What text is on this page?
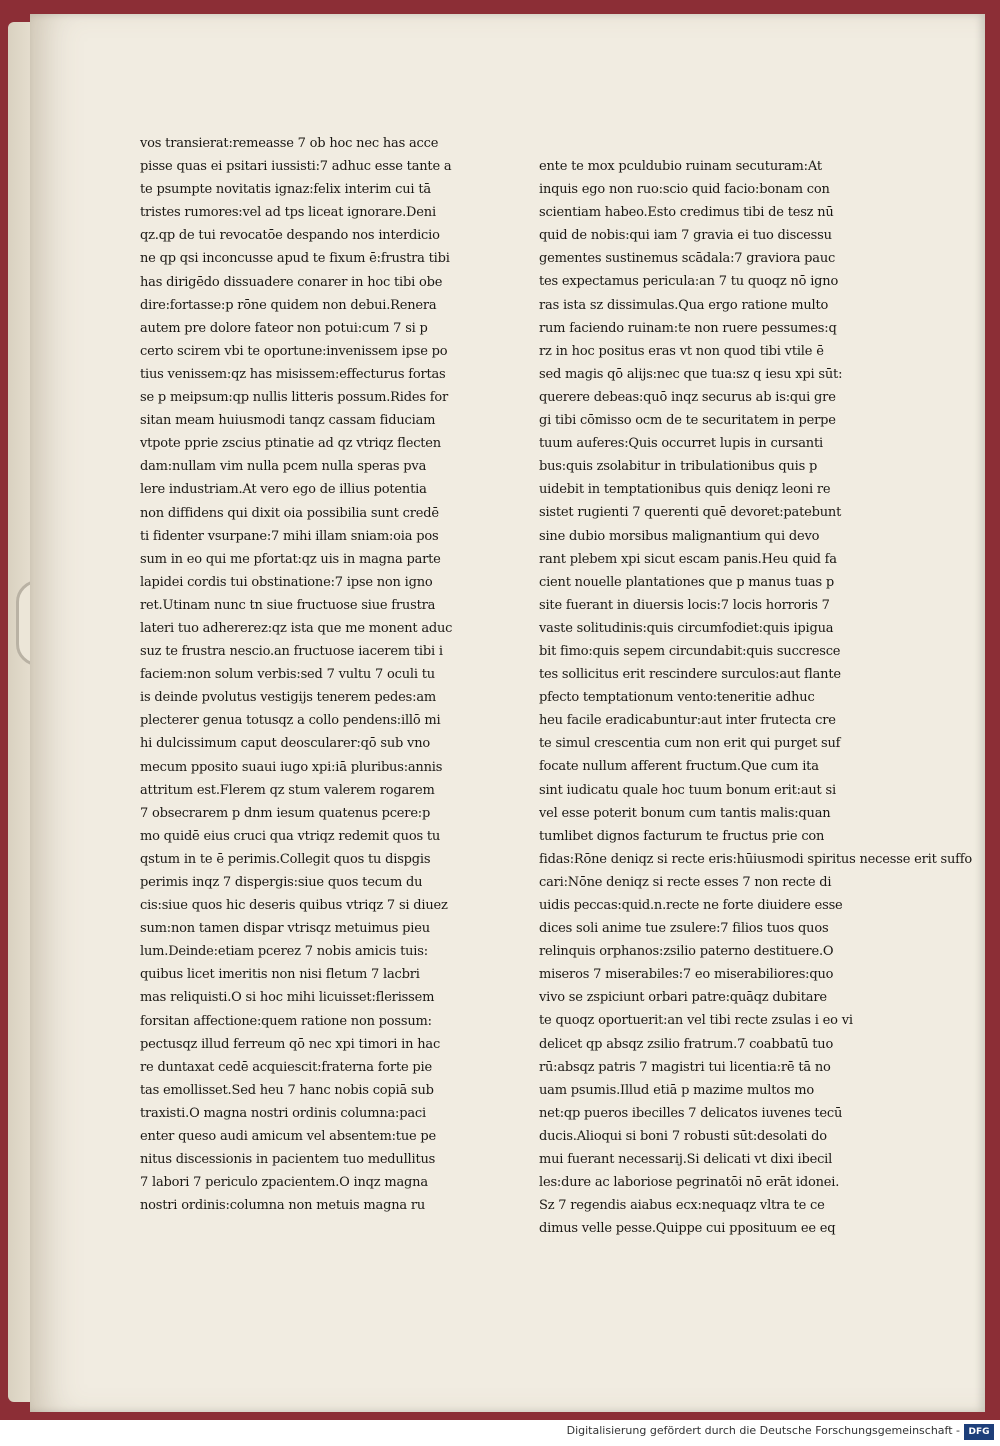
vos transierat:remeasse 7 ob hoc nec has acce
pisse quas ei psitari iussisti:7 adhuc esse tante a
te psumpte novitatis ignaz:felix interim cui tā
tristes rumores:vel ad tps liceat ignorare.Deni
qz.qp de tui revocatōe despando nos interdicio
ne qp qsi inconcusse apud te fixum ē:frustra tibi
has dirigēdo dissuadere conarer in hoc tibi obe
dire:fortasse:p rōne quidem non debui.Renera
autem pre dolore fateor non potui:cum 7 si p
certo scirem vbi te oportune:invenissem ipse po
tius venissem:qz has misissem:effecturus fortas
se p meipsum:qp nullis litteris possum.Rides for
sitan meam huiusmodi tanqz cassam fiduciam
vtpote pprie zscius ptinatie ad qz vtriqz flecten
dam:nullam vim nulla pcem nulla speras pva
lere industriam.At vero ego de illius potentia
non diffidens qui dixit oia possibilia sunt credē
ti fidenter vsurpane:7 mihi illam sniam:oia pos
sum in eo qui me pfortat:qz uis in magna parte
lapidei cordis tui obstinatione:7 ipse non igno
ret.Utinam nunc tn siue fructuose siue frustra
lateri tuo adhererez:qz ista que me monent aduc
suz te frustra nescio.an fructuose iacerem tibi i
faciem:non solum verbis:sed 7 vultu 7 oculi tu
is deinde pvolutus vestigijs tenerem pedes:am
plecterer genua totusqz a collo pendens:illō mi
hi dulcissimum caput deoscularer:qō sub vno
mecum pposito suaui iugo xpi:iā pluribus:annis
attritum est.Flerem qz stum valerem rogarem
7 obsecrarem p dnm iesum quatenus pcere:p
mo quidē eius cruci qua vtriqz redemit quos tu
qstum in te ē perimis.Collegit quos tu dispgis
perimis inqz 7 dispergis:siue quos tecum du
cis:siue quos hic deseris quibus vtriqz 7 si diuez
sum:non tamen dispar vtrisqz metuimus pieu
lum.Deinde:etiam pcerez 7 nobis amicis tuis:
quibus licet imeritis non nisi fletum 7 lacbri
mas reliquisti.O si hoc mihi licuisset:flerissem
forsitan affectione:quem ratione non possum:
pectusqz illud ferreum qō nec xpi timori in hac
re duntaxat cedē acquiescit:fraterna forte pie
tas emollisset.Sed heu 7 hanc nobis copiā sub
traxisti.O magna nostri ordinis columna:paci
enter queso audi amicum vel absentem:tue pe
nitus discessionis in pacientem tuo medullitus
7 labori 7 periculo zpacientem.O inqz magna
nostri ordinis:columna non metuis magna ru
ente te mox pculdubio ruinam secuturam:At
inquis ego non ruo:scio quid facio:bonam con
scientiam habeo.Esto credimus tibi de tesz nū
quid de nobis:qui iam 7 gravia ei tuo discessu
gementes sustinemus scādala:7 graviora pauc
tes expectamus pericula:an 7 tu quoqz nō igno
ras ista sz dissimulas.Qua ergo ratione multo
rum faciendo ruinam:te non ruere pessumes:q
rz in hoc positus eras vt non quod tibi vtile ē
sed magis qō alijs:nec que tua:sz q iesu xpi sūt:
querere debeas:quō inqz securus ab is:qui gre
gi tibi cōmisso ocm de te securitatem in perpe
tuum auferes:Quis occurret lupis in cursanti
bus:quis zsolabitur in tribulationibus quis p
uidebit in temptationibus quis deniqz leoni re
sistet rugienti 7 querenti quē devoret:patebunt
sine dubio morsibus malignantium qui devo
rant plebem xpi sicut escam panis.Heu quid fa
cient nouelle plantationes que p manus tuas p
site fuerant in diuersis locis:7 locis horroris 7
vaste solitudinis:quis circumfodiet:quis ipigua
bit fimo:quis sepem circundabit:quis succresce
tes sollicitus erit rescindere surculos:aut flante
pfecto temptationum vento:teneritie adhuc
heu facile eradicabuntur:aut inter frutecta cre
te simul crescentia cum non erit qui purget suf
focate nullum afferent fructum.Que cum ita
sint iudicatu quale hoc tuum bonum erit:aut si
vel esse poterit bonum cum tantis malis:quan
tumlibet dignos facturum te fructus prie con
fidas:Rōne deniqz si recte eris:hūiusmodi spiritus necesse erit suffo
cari:Nōne deniqz si recte esses 7 non recte di
uidis peccas:quid.n.recte ne forte diuidere esse
dices soli anime tue zsulere:7 filios tuos quos
relinquis orphanos:zsilio paterno destituere.O
miseros 7 miserabiles:7 eo miserabiliores:quo
vivo se zspiciunt orbari patre:quāqz dubitare
te quoqz oportuerit:an vel tibi recte zsulas i eo vi
delicet qp absqz zsilio fratrum.7 coabbatū tuo
rū:absqz patris 7 magistri tui licentia:rē tā no
uam psumis.Illud etiā p mazime multos mo
net:qp pueros ibecilles 7 delicatos iuvenes tecū
ducis.Alioqui si boni 7 robusti sūt:desolati do
mui fuerant necessarij.Si delicati vt dixi ibecil
les:dure ac laboriose pegrinatōi nō erāt idonei.
Sz 7 regendis aiabus ecx:nequaqz vltra te ce
dimus velle pesse.Quippe cui pposituum ee eq
Digitalisierung gefördert durch die Deutsche Forschungsgemeinschaft - DFG
